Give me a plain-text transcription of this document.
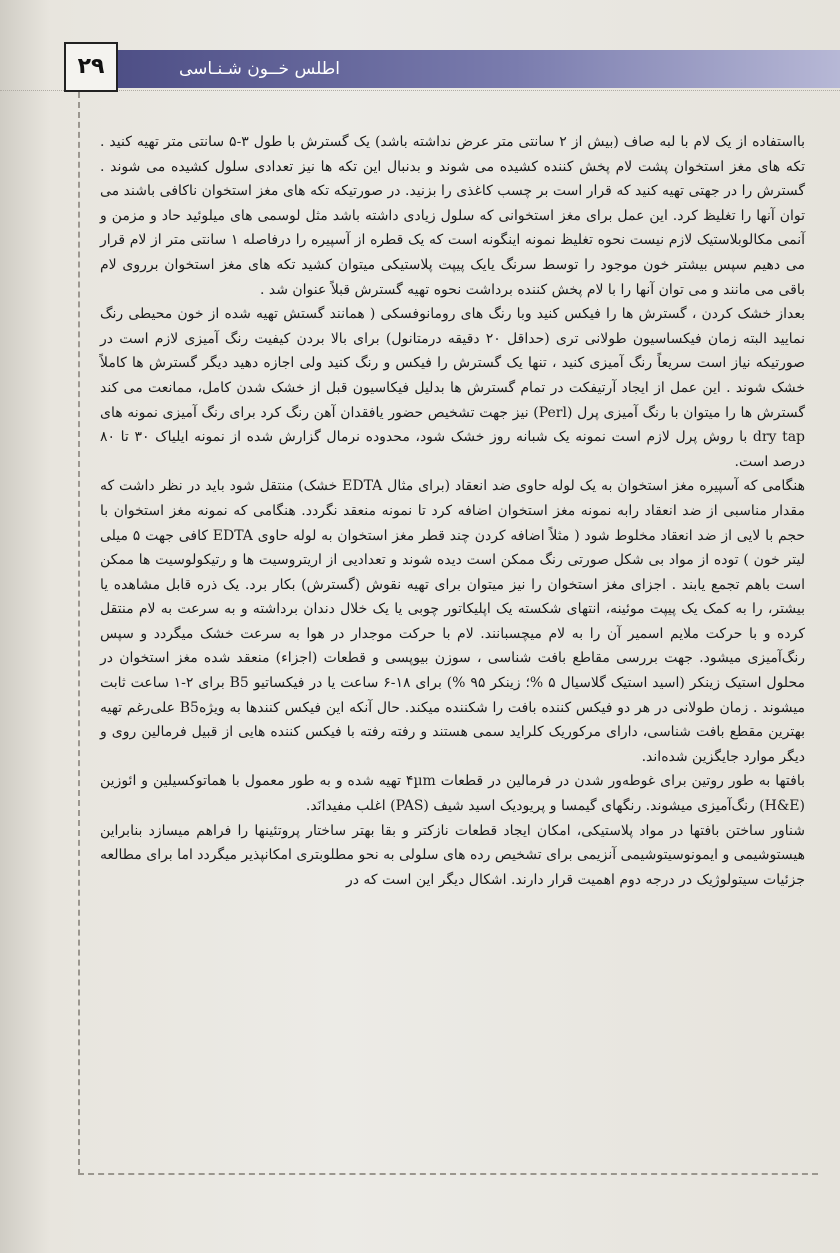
اطلس خــون شـنـاسی
۲۹

بااستفاده از یک لام با لبه صاف (بیش از ۲ سانتی متر عرض نداشته باشد) یک گسترش با طول ۳-۵ سانتی متر تهیه کنید . تکه های مغز استخوان پشت لام پخش کننده کشیده می شوند و بدنبال این تکه ها نیز تعدادی سلول کشیده می شوند . گسترش را در جهتی تهیه کنید که قرار است بر چسب کاغذی را بزنید. در صورتیکه تکه های مغز استخوان ناکافی باشند می توان آنها را تغلیظ کرد. این عمل برای مغز استخوانی که سلول زیادی داشته باشد مثل لوسمی های میلوئید حاد و مزمن و آنمی مکالوبلاستیک لازم نیست نحوه تغلیظ نمونه اینگونه است که یک قطره از آسپیره را درفاصله ۱ سانتی متر از لام قرار می دهیم سپس بیشتر خون موجود را توسط سرنگ یایک پیپت پلاستیکی میتوان کشید تکه های مغز استخوان برروی لام باقی می مانند و می توان آنها را با لام پخش کننده برداشت نحوه تهیه گسترش قبلاً عنوان شد .

بعداز خشک کردن ، گسترش ها را فیکس کنید وبا رنگ های رومانوفسکی ( همانند گستش تهیه شده از خون محیطی رنگ نمایید البته زمان فیکساسیون طولانی تری (حداقل ۲۰ دقیقه درمتانول) برای بالا بردن کیفیت رنگ آمیزی لازم است در صورتیکه نیاز است سریعاً رنگ آمیزی کنید ، تنها یک گسترش را فیکس و رنگ کنید ولی اجازه دهید دیگر گسترش ها کاملاً خشک شوند . این عمل از ایجاد آرتیفکت در تمام گسترش ها بدلیل فیکاسیون قبل از خشک شدن کامل، ممانعت می کند گسترش ها را میتوان با رنگ آمیزی پرل (Perl) نیز جهت تشخیص حضور یافقدان آهن رنگ کرد برای رنگ آمیزی نمونه های dry tap با روش پرل لازم است نمونه یک شبانه روز خشک شود، محدوده نرمال گزارش شده از نمونه ایلیاک ۳۰ تا ۸۰ درصد است.

هنگامی که آسپیره مغز استخوان به یک لوله حاوی ضد انعقاد (برای مثال EDTA خشک) منتقل شود باید در نظر داشت که مقدار مناسبی از ضد انعقاد رابه نمونه مغز استخوان اضافه کرد تا نمونه منعقد نگردد. هنگامی که نمونه مغز استخوان با حجم با لایی از ضد انعقاد مخلوط شود ( مثلاً اضافه کردن چند قطر مغز استخوان به لوله حاوی EDTA کافی جهت ۵ میلی لیتر خون ) توده از مواد بی شکل صورتی رنگ ممکن است دیده شوند و تعدادیی از اریتروسیت ها و رتیکولوسیت ها ممکن است باهم تجمع یابند . اجزای مغز استخوان را نیز میتوان برای تهیه نقوش (گسترش) بکار برد. یک ذره قابل مشاهده یا بیشتر، را به کمک یک پیپت موئینه، انتهای شکسته یک اپلیکاتور چوبی یا یک خلال دندان برداشته و به سرعت به لام منتقل کرده و با حرکت ملایم اسمیر آن را به لام میچسبانند. لام با حرکت موجدار در هوا به سرعت خشک میگردد و سپس رنگ‌آمیزی میشود. جهت بررسی مقاطع بافت شناسی ، سوزن بیوپسی و قطعات (اجزاء) منعقد شده مغز استخوان در محلول استیک زینکر (اسید استیک گلاسیال ۵ %؛ زینکر ۹۵ %) برای ۱۸-۶ ساعت یا در فیکساتیو B5 برای ۲-۱ ساعت ثابت میشوند . زمان طولانی در هر دو فیکس کننده بافت را شکننده میکند. حال آنکه این فیکس کنندها به ویژهB5 علی‌رغم تهیه بهترین مقطع بافت شناسی، دارای مرکوریک کلراید سمی هستند و رفته رفته با فیکس کننده هایی از قبیل فرمالین روی و دیگر موارد جایگزین شده‌اند.

بافتها به طور روتین برای غوطه‌ور شدن در فرمالین در قطعات ۴µm تهیه شده و به طور معمول با هماتوکسیلین و ائوزین (H&E) رنگ‌آمیزی میشوند. رنگهای گیمسا و پریودیک اسید شیف (PAS) اغلب مفیدانَد.

شناور ساختن بافتها در مواد پلاستیکی، امکان ایجاد قطعات نازکتر و بقا بهتر ساختار پروتئینها را فراهم میسازد بنابراین هیستوشیمی و ایمونوسیتوشیمی آنزیمی برای تشخیص رده های سلولی به نحو مطلوبتری امکانپذیر میگردد اما برای مطالعه جزئیات سیتولوژیک در درجه دوم اهمیت قرار دارند. اشکال دیگر این است که در
